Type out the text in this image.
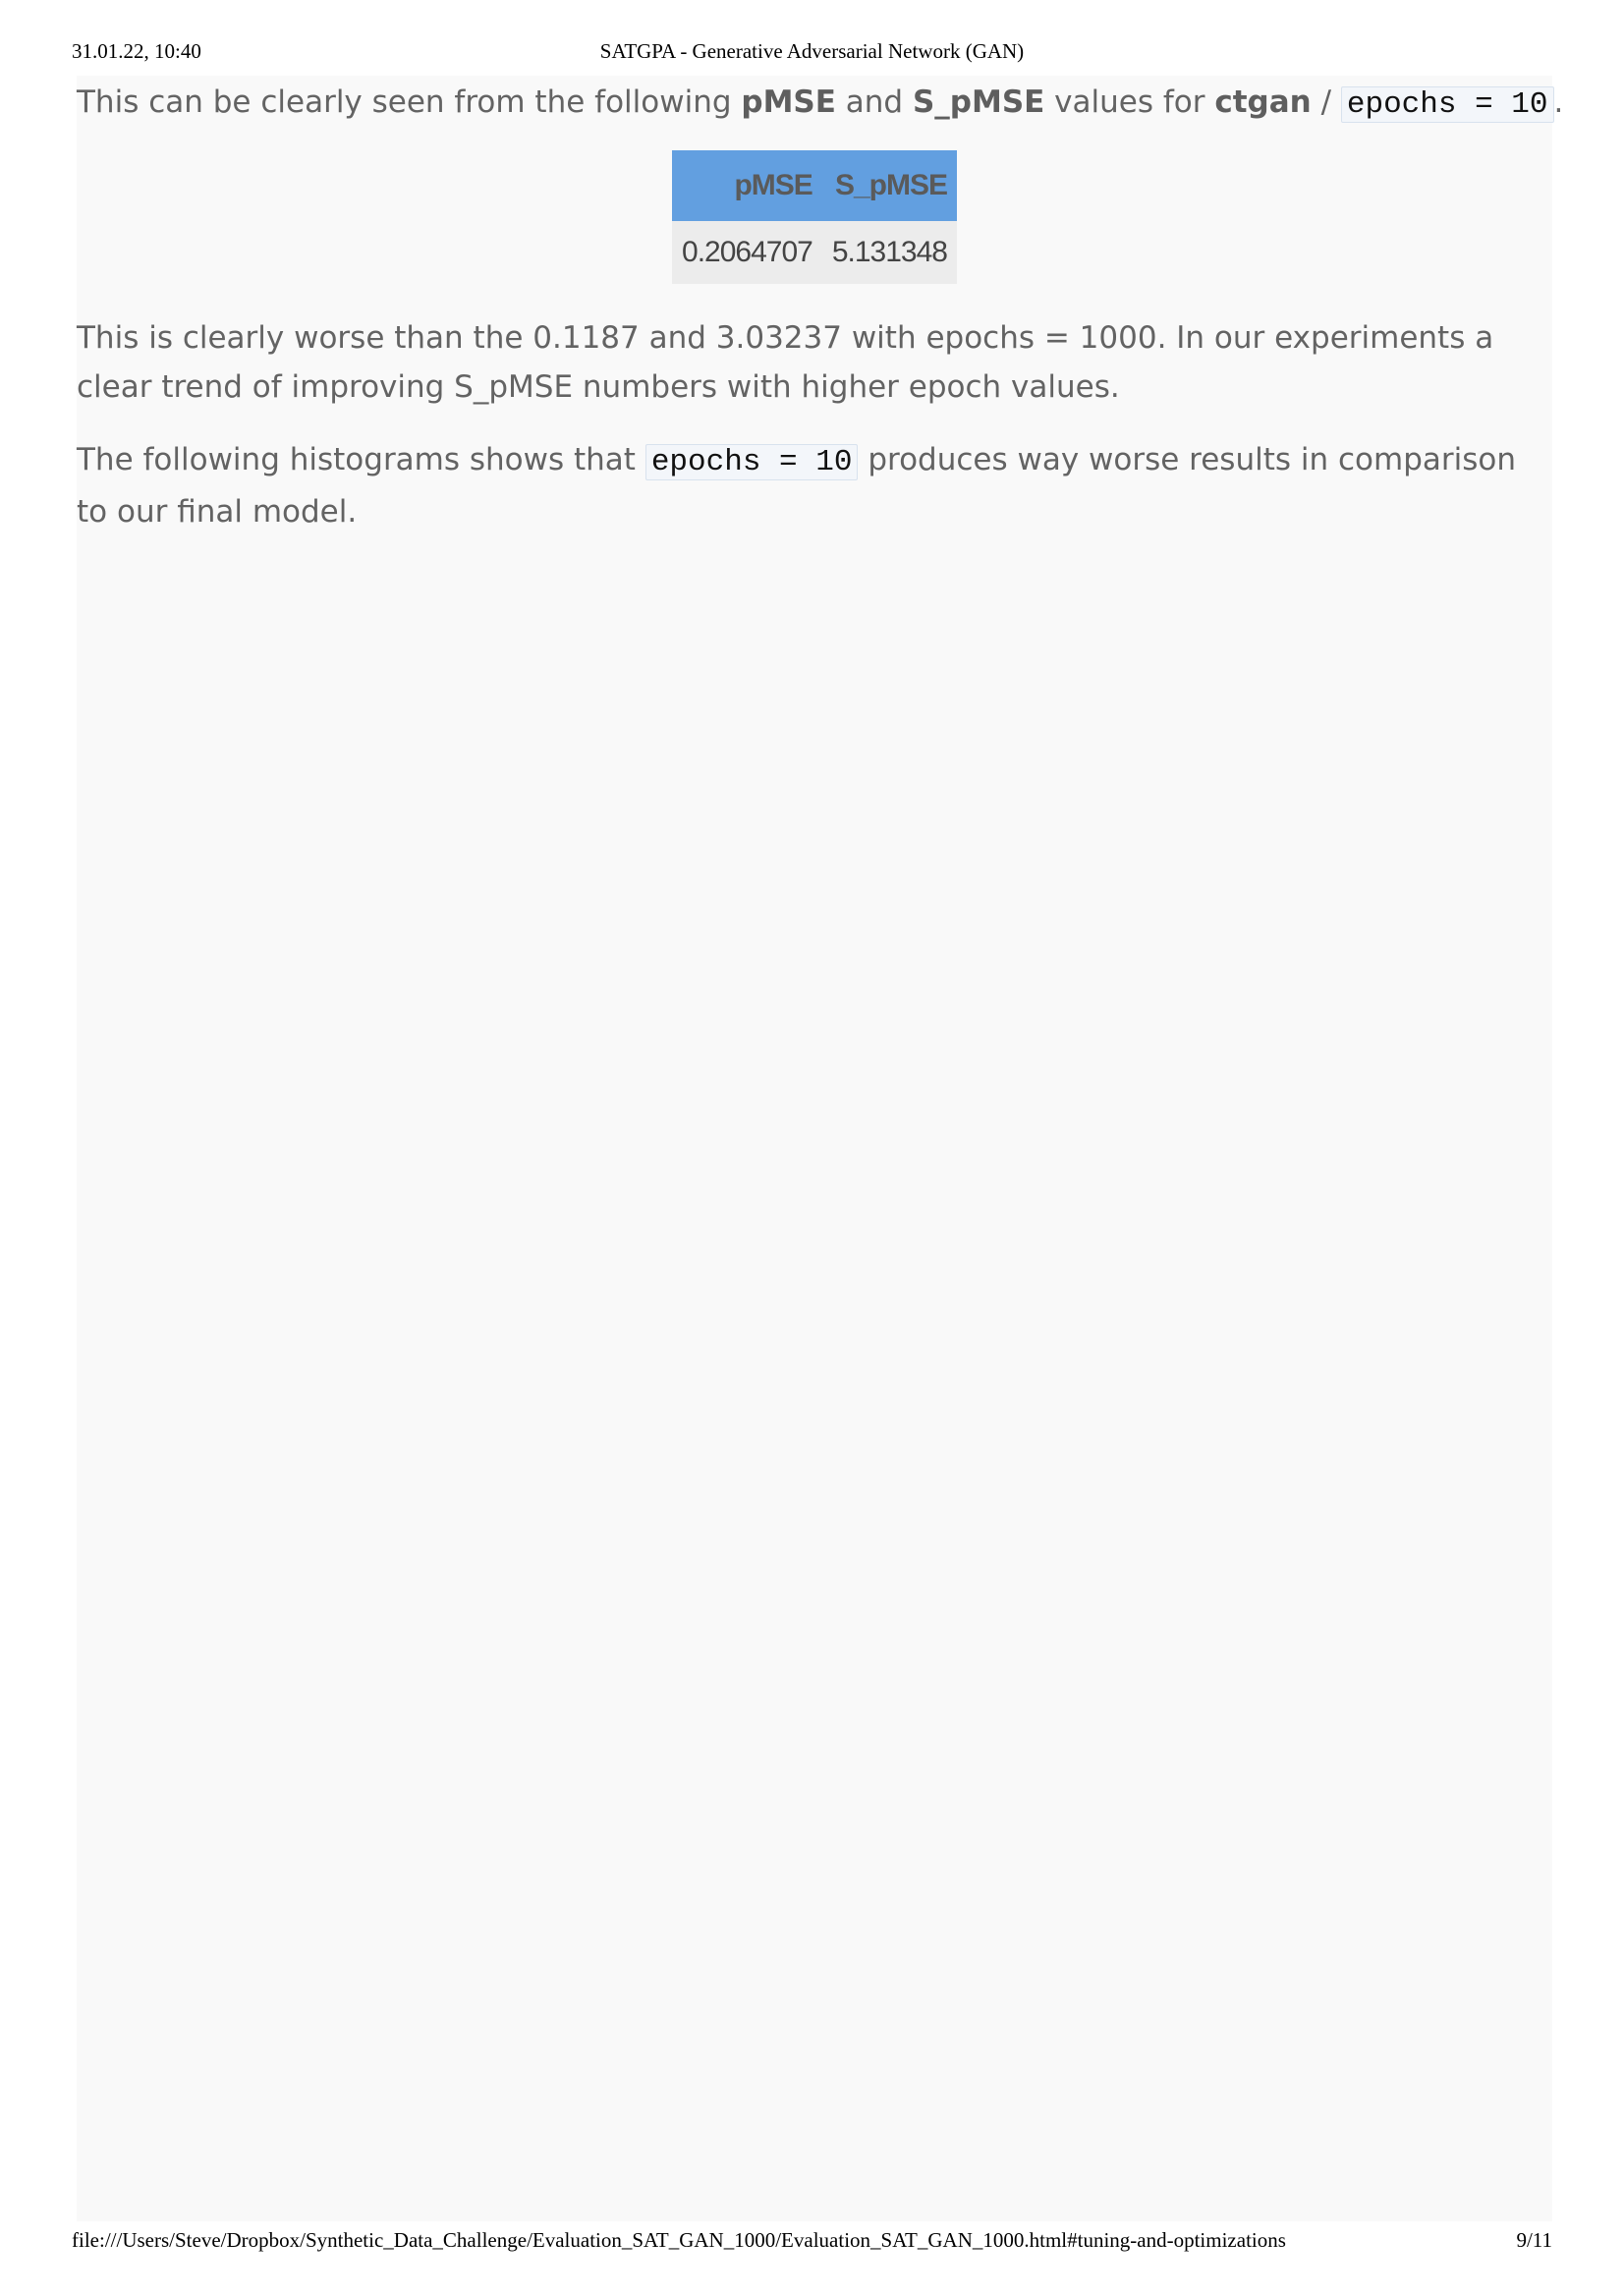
31.01.22, 10:40	SATGPA - Generative Adversarial Network (GAN)

This can be clearly seen from the following pMSE and S_pMSE values for ctgan / epochs = 10 .

pMSE	S_pMSE
0.2064707	5.131348

This is clearly worse than the 0.1187 and 3.03237 with epochs = 1000. In our experiments a clear trend of improving S_pMSE numbers with higher epoch values.

The following histograms shows that epochs = 10 produces way worse results in comparison to our final model.

file:///Users/Steve/Dropbox/Synthetic_Data_Challenge/Evaluation_SAT_GAN_1000/Evaluation_SAT_GAN_1000.html#tuning-and-optimizations	9/11
